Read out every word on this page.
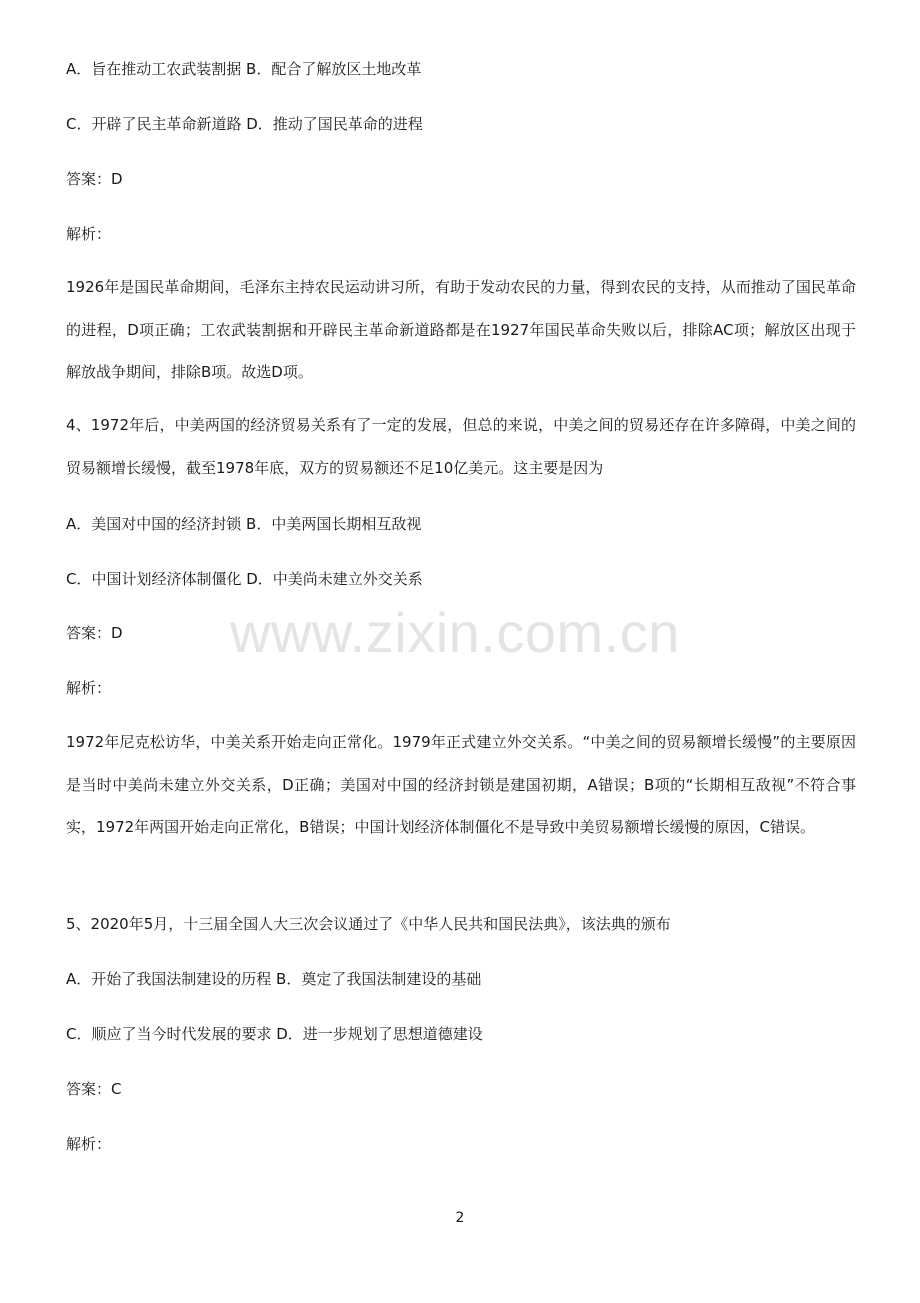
A．旨在推动工农武装割据 B．配合了解放区土地改革
C．开辟了民主革命新道路 D．推动了国民革命的进程
答案：D
解析：
1926年是国民革命期间，毛泽东主持农民运动讲习所，有助于发动农民的力量，得到农民的支持，从而推动了国民革命的进程，D项正确；工农武装割据和开辟民主革命新道路都是在1927年国民革命失败以后，排除AC项；解放区出现于解放战争期间，排除B项。故选D项。
4、1972年后，中美两国的经济贸易关系有了一定的发展，但总的来说，中美之间的贸易还存在许多障碍，中美之间的贸易额增长缓慢，截至1978年底，双方的贸易额还不足10亿美元。这主要是因为
A．美国对中国的经济封锁 B．中美两国长期相互敌视
C．中国计划经济体制僵化 D．中美尚未建立外交关系
答案：D
解析：
1972年尼克松访华，中美关系开始走向正常化。1979年正式建立外交关系。“中美之间的贸易额增长缓慢”的主要原因是当时中美尚未建立外交关系，D正确；美国对中国的经济封锁是建国初期，A错误；B项的“长期相互敌视”不符合事实，1972年两国开始走向正常化，B错误；中国计划经济体制僵化不是导致中美贸易额增长缓慢的原因，C错误。
5、2020年5月，十三届全国人大三次会议通过了《中华人民共和国民法典》，该法典的颁布
A．开始了我国法制建设的历程 B．奠定了我国法制建设的基础
C．顺应了当今时代发展的要求 D．进一步规划了思想道德建设
答案：C
解析：
www.zixin.com.cn
2
